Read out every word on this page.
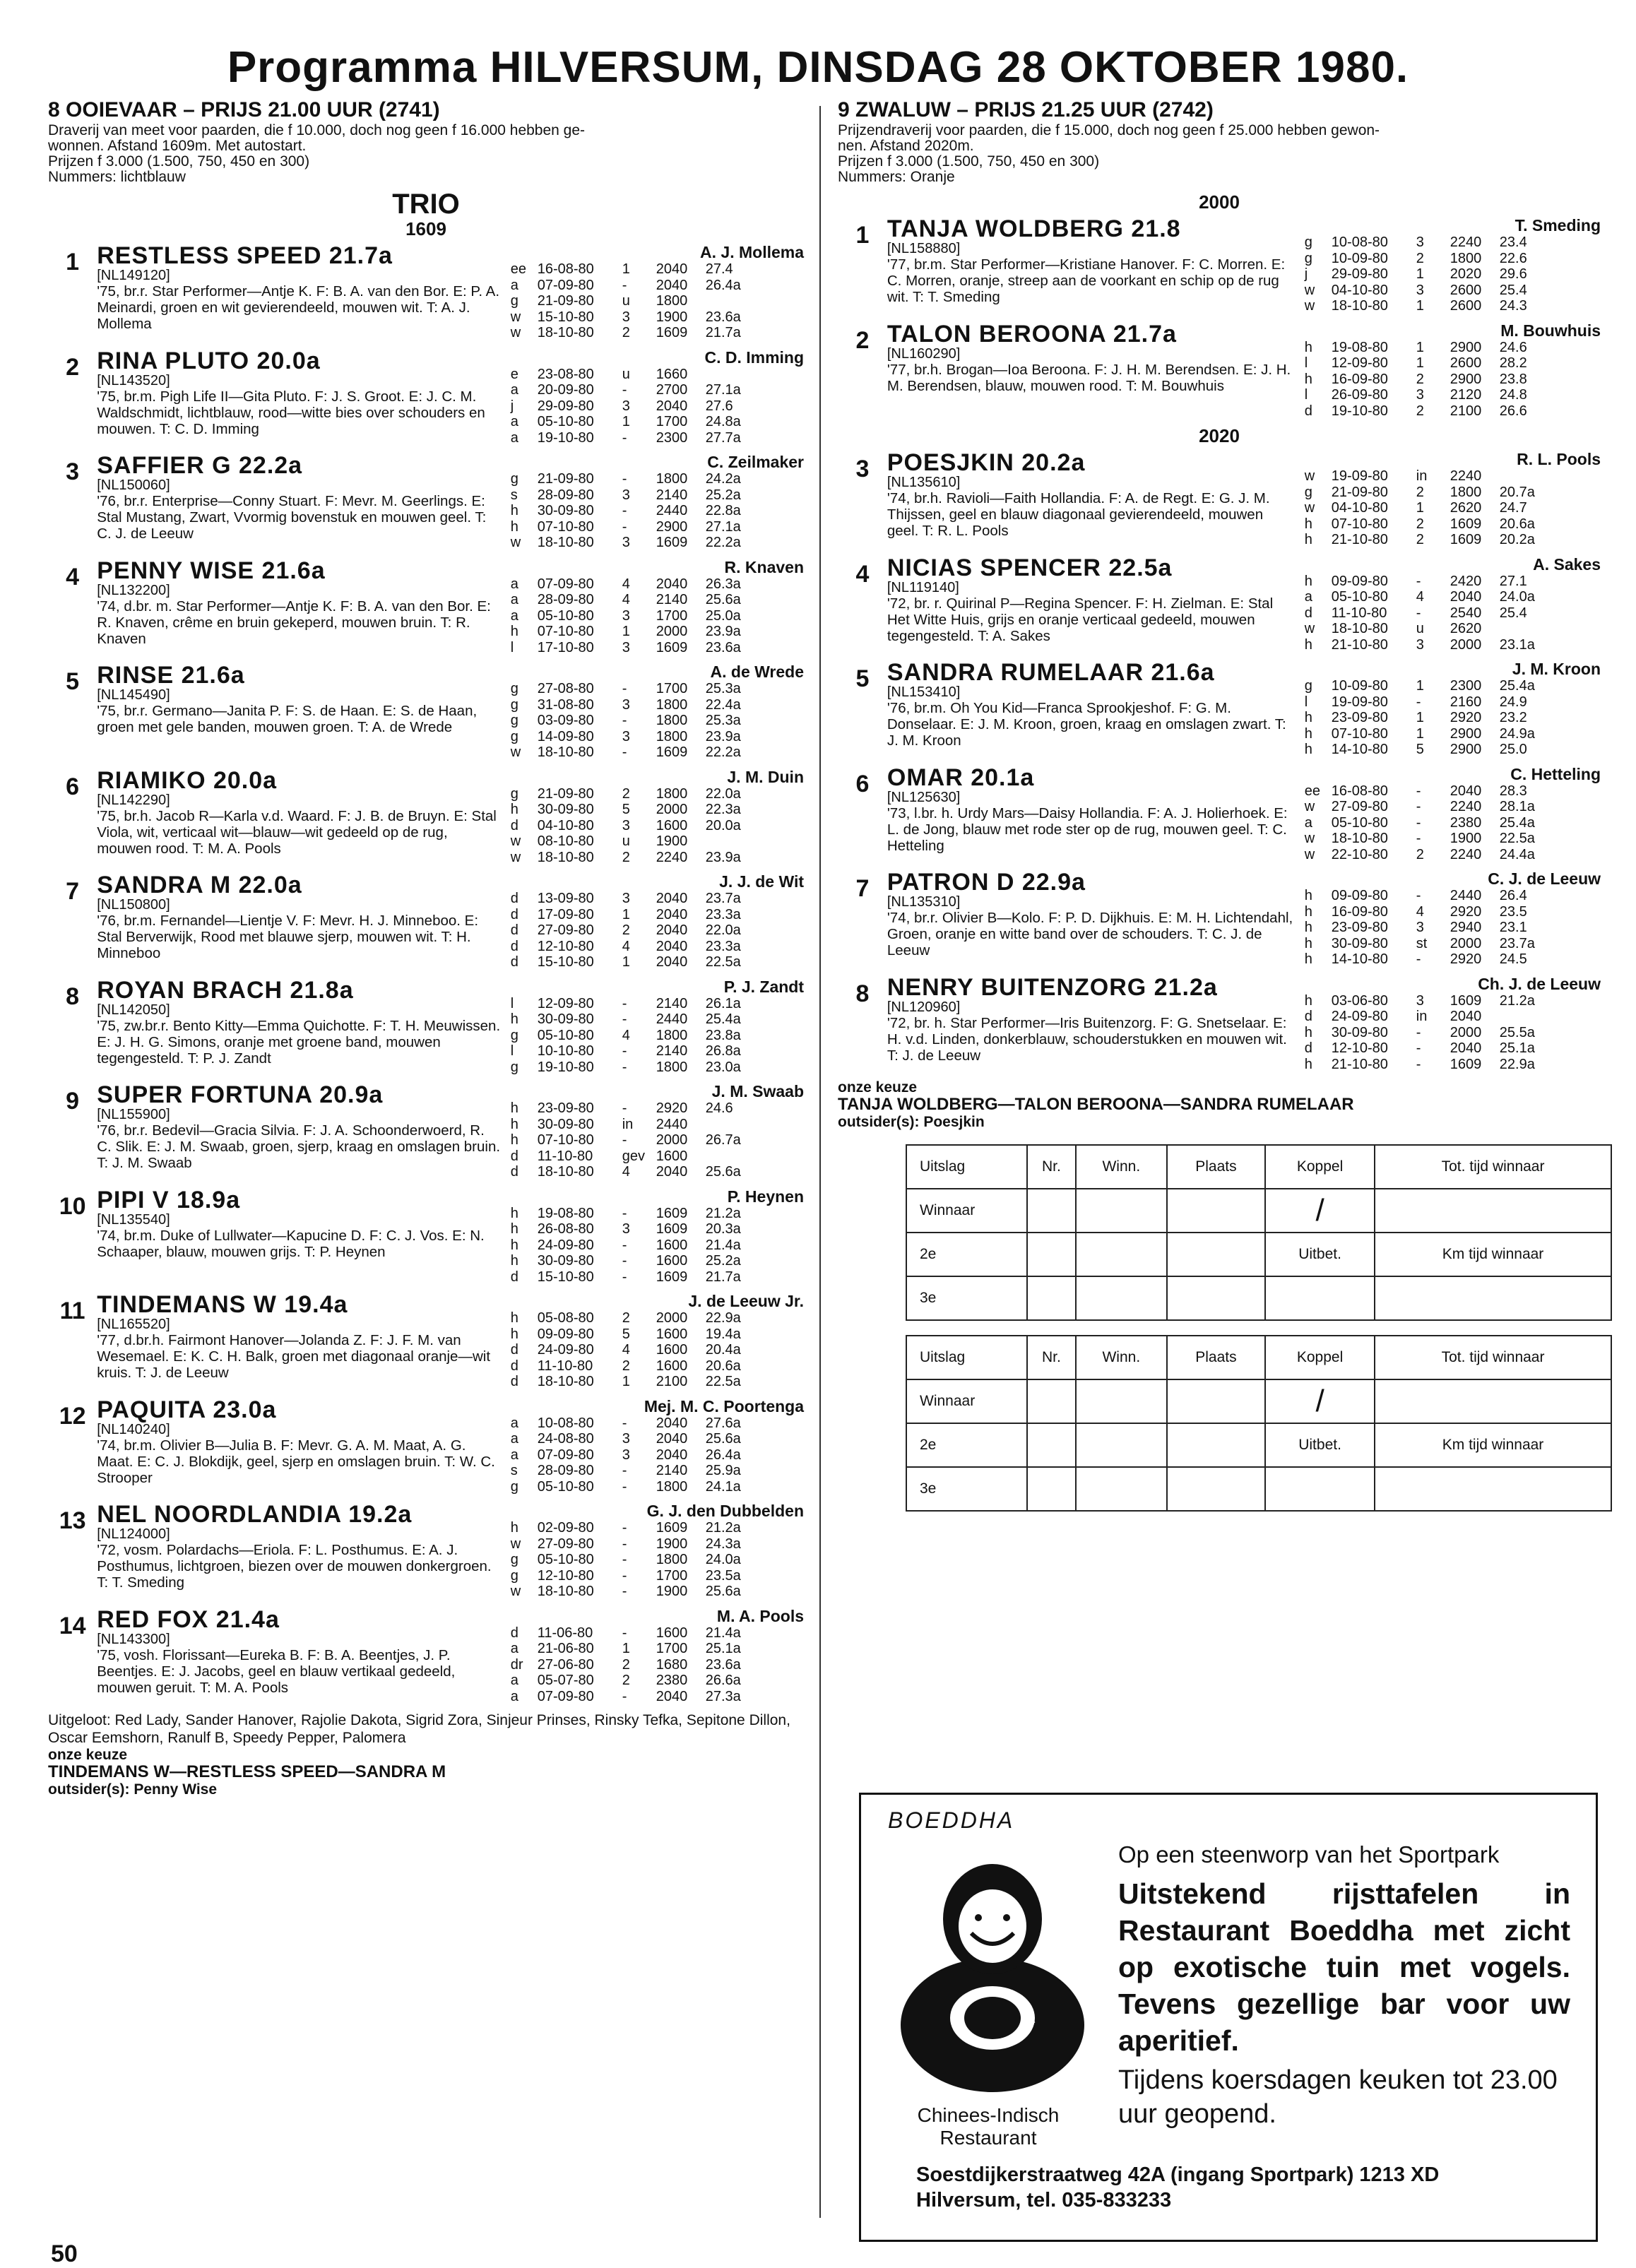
Programma HILVERSUM, DINSDAG 28 OKTOBER 1980.
8 OOIEVAAR – PRIJS 21.00 UUR (2741)
Draverij van meet voor paarden, die f 10.000, doch nog geen f 16.000 hebben ge-
wonnen. Afstand 1609m. Met autostart.
Prijzen f 3.000 (1.500, 750, 450 en 300)
Nummers: lichtblauw
TRIO
1609
1 RESTLESS SPEED 21.7a
[NL149120]
'75, br.r. Star Performer—Antje K. F: B. A. van den Bor. E: P. A. Meinardi, groen en wit gevierendeeld, mouwen wit. T: A. J. Mollema
A. J. Mollema
ee 16-08-80	1	2040	27.4
a	07-09-80	-	2040	26.4a
g	21-09-80	u	1800
w	15-10-80	3	1900	23.6a
w	18-10-80	2	1609	21.7a
2 RINA PLUTO 20.0a
[NL143520]
'75, br.m. Pigh Life II—Gita Pluto. F: J. S. Groot. E: J. C. M. Waldschmidt, lichtblauw, rood—witte bies over schouders en mouwen. T: C. D. Imming
C. D. Imming
e	23-08-80	u	1660
a	20-09-80	-	2700	27.1a
j	29-09-80	3	2040	27.6
a	05-10-80	1	1700	24.8a
a	19-10-80	-	2300	27.7a
3 SAFFIER G 22.2a
[NL150060]
'76, br.r. Enterprise—Conny Stuart. F: Mevr. M. Geerlings. E: Stal Mustang, Zwart, Vvormig bovenstuk en mouwen geel. T: C. J. de Leeuw
C. Zeilmaker
g	21-09-80	-	1800	24.2a
s	28-09-80	3	2140	25.2a
h	30-09-80	-	2440	22.8a
h	07-10-80	-	2900	27.1a
w	18-10-80	3	1609	22.2a
4 PENNY WISE 21.6a
[NL132200]
'74, d.br. m. Star Performer—Antje K. F: B. A. van den Bor. E: R. Knaven, crême en bruin gekeperd, mouwen bruin. T: R. Knaven
R. Knaven
a	07-09-80	4	2040	26.3a
a	28-09-80	4	2140	25.6a
a	05-10-80	3	1700	25.0a
h	07-10-80	1	2000	23.9a
l	17-10-80	3	1609	23.6a
5 RINSE 21.6a
[NL145490]
'75, br.r. Germano—Janita P. F: S. de Haan. E: S. de Haan, groen met gele banden, mouwen groen. T: A. de Wrede
A. de Wrede
g	27-08-80	-	1700	25.3a
g	31-08-80	3	1800	22.4a
g	03-09-80	-	1800	25.3a
g	14-09-80	3	1800	23.9a
w	18-10-80	-	1609	22.2a
6 RIAMIKO 20.0a
[NL142290]
'75, br.h. Jacob R—Karla v.d. Waard. F: J. B. de Bruyn. E: Stal Viola, wit, verticaal wit—blauw—wit gedeeld op de rug, mouwen rood. T: M. A. Pools
J. M. Duin
g	21-09-80	2	1800	22.0a
h	30-09-80	5	2000	22.3a
d	04-10-80	3	1600	20.0a
w	08-10-80	u	1900
w	18-10-80	2	2240	23.9a
7 SANDRA M 22.0a
[NL150800]
'76, br.m. Fernandel—Lientje V. F: Mevr. H. J. Minneboo. E: Stal Berverwijk, Rood met blauwe sjerp, mouwen wit. T: H. Minneboo
J. J. de Wit
d	13-09-80	3	2040	23.7a
d	17-09-80	1	2040	23.3a
d	27-09-80	2	2040	22.0a
d	12-10-80	4	2040	23.3a
d	15-10-80	1	2040	22.5a
8 ROYAN BRACH 21.8a
[NL142050]
'75, zw.br.r. Bento Kitty—Emma Quichotte. F: T. H. Meuwissen. E: J. H. G. Simons, oranje met groene band, mouwen tegengesteld. T: P. J. Zandt
P. J. Zandt
l	12-09-80	-	2140	26.1a
h	30-09-80	-	2440	25.4a
g	05-10-80	4	1800	23.8a
l	10-10-80	-	2140	26.8a
g	19-10-80	-	1800	23.0a
9 SUPER FORTUNA 20.9a
[NL155900]
'76, br.r. Bedevil—Gracia Silvia. F: J. A. Schoonderwoerd, R. C. Slik. E: J. M. Swaab, groen, sjerp, kraag en omslagen bruin. T: J. M. Swaab
J. M. Swaab
h	23-09-80	-	2920	24.6
h	30-09-80	in	2440
h	07-10-80	-	2000	26.7a
d	11-10-80	gev 1600
d	18-10-80	4	2040	25.6a
10 PIPI V 18.9a
[NL135540]
'74, br.m. Duke of Lullwater—Kapucine D. F: C. J. Vos. E: N. Schaaper, blauw, mouwen grijs. T: P. Heynen
P. Heynen
h	19-08-80	-	1609	21.2a
h	26-08-80	3	1609	20.3a
h	24-09-80	-	1600	21.4a
h	30-09-80	-	1600	25.2a
d	15-10-80	-	1609	21.7a
11 TINDEMANS W 19.4a
[NL165520]
'77, d.br.h. Fairmont Hanover—Jolanda Z. F: J. F. M. van Wesemael. E: K. C. H. Balk, groen met diagonaal oranje—wit kruis. T: J. de Leeuw
J. de Leeuw Jr.
h	05-08-80	2	2000	22.9a
h	09-09-80	5	1600	19.4a
d	24-09-80	4	1600	20.4a
d	11-10-80	2	1600	20.6a
d	18-10-80	1	2100	22.5a
12 PAQUITA 23.0a
[NL140240]
'74, br.m. Olivier B—Julia B. F: Mevr. G. A. M. Maat, A. G. Maat. E: C. J. Blokdijk, geel, sjerp en omslagen bruin. T: W. C. Strooper
Mej. M. C. Poortenga
a	10-08-80	-	2040	27.6a
a	24-08-80	3	2040	25.6a
a	07-09-80	3	2040	26.4a
s	28-09-80	-	2140	25.9a
g	05-10-80	-	1800	24.1a
13 NEL NOORDLANDIA 19.2a
[NL124000]
'72, vosm. Polardachs—Eriola. F: L. Posthumus. E: A. J. Posthumus, lichtgroen, biezen over de mouwen donkergroen. T: T. Smeding
G. J. den Dubbelden
h	02-09-80	-	1609	21.2a
w	27-09-80	-	1900	24.3a
g	05-10-80	-	1800	24.0a
g	12-10-80	-	1700	23.5a
w	18-10-80	-	1900	25.6a
14 RED FOX 21.4a
[NL143300]
'75, vosh. Florissant—Eureka B. F: B. A. Beentjes, J. P. Beentjes. E: J. Jacobs, geel en blauw vertikaal gedeeld, mouwen geruit. T: M. A. Pools
M. A. Pools
d	11-06-80	-	1600	21.4a
a	21-06-80	1	1700	25.1a
dr	27-06-80	2	1680	23.6a
a	05-07-80	2	2380	26.6a
a	07-09-80	-	2040	27.3a
Uitgeloot: Red Lady, Sander Hanover, Rajolie Dakota, Sigrid Zora, Sinjeur Prinses, Rinsky Tefka, Sepitone Dillon, Oscar Eemshorn, Ranulf B, Speedy Pepper, Palomera
onze keuze
TINDEMANS W—RESTLESS SPEED—SANDRA M
outsider(s): Penny Wise
9 ZWALUW – PRIJS 21.25 UUR (2742)
Prijzendraverij voor paarden, die f 15.000, doch nog geen f 25.000 hebben gewon-
nen. Afstand 2020m.
Prijzen f 3.000 (1.500, 750, 450 en 300)
Nummers: Oranje
2000
1 TANJA WOLDBERG 21.8
[NL158880]
'77, br.m. Star Performer—Kristiane Hanover. F: C. Morren. E: C. Morren, oranje, streep aan de voorkant en schip op de rug wit. T: T. Smeding
T. Smeding
g	10-08-80	3	2240	23.4
g	10-09-80	2	1800	22.6
j	29-09-80	1	2020	29.6
w	04-10-80	3	2600	25.4
w	18-10-80	1	2600	24.3
2 TALON BEROONA 21.7a
[NL160290]
'77, br.h. Brogan—Ioa Beroona. F: J. H. M. Berendsen. E: J. H. M. Berendsen, blauw, mouwen rood. T: M. Bouwhuis
M. Bouwhuis
h	19-08-80	1	2900	24.6
l	12-09-80	1	2600	28.2
h	16-09-80	2	2900	23.8
l	26-09-80	3	2120	24.8
d	19-10-80	2	2100	26.6
2020
3 POESJKIN 20.2a
[NL135610]
'74, br.h. Ravioli—Faith Hollandia. F: A. de Regt. E: G. J. M. Thijssen, geel en blauw diagonaal gevierendeeld, mouwen geel. T: R. L. Pools
R. L. Pools
w	19-09-80	in	2240
g	21-09-80	2	1800	20.7a
w	04-10-80	1	2620	24.7
h	07-10-80	2	1609	20.6a
h	21-10-80	2	1609	20.2a
4 NICIAS SPENCER 22.5a
[NL119140]
'72, br. r. Quirinal P—Regina Spencer. F: H. Zielman. E: Stal Het Witte Huis, grijs en oranje verticaal gedeeld, mouwen tegengesteld. T: A. Sakes
A. Sakes
h	09-09-80	-	2420	27.1
a	05-10-80	4	2040	24.0a
d	11-10-80	-	2540	25.4
w	18-10-80	u	2620
h	21-10-80	3	2000	23.1a
5 SANDRA RUMELAAR 21.6a
[NL153410]
'76, br.m. Oh You Kid—Franca Sprookjeshof. F: G. M. Donselaar. E: J. M. Kroon, groen, kraag en omslagen zwart. T: J. M. Kroon
J. M. Kroon
g	10-09-80	1	2300	25.4a
l	19-09-80	-	2160	24.9
h	23-09-80	1	2920	23.2
h	07-10-80	1	2900	24.9a
h	14-10-80	5	2900	25.0
6 OMAR 20.1a
[NL125630]
'73, l.br. h. Urdy Mars—Daisy Hollandia. F: A. J. Holierhoek. E: L. de Jong, blauw met rode ster op de rug, mouwen geel. T: C. Hetteling
C. Hetteling
ee 16-08-80	-	2040	28.3
w	27-09-80	-	2240	28.1a
a	05-10-80	-	2380	25.4a
w	18-10-80	-	1900	22.5a
w	22-10-80	2	2240	24.4a
7 PATRON D 22.9a
[NL135310]
'74, br.r. Olivier B—Kolo. F: P. D. Dijkhuis. E: M. H. Lichtendahl, Groen, oranje en witte band over de schouders. T: C. J. de Leeuw
C. J. de Leeuw
h	09-09-80	-	2440	26.4
h	16-09-80	4	2920	23.5
h	23-09-80	3	2940	23.1
h	30-09-80	st	2000	23.7a
h	14-10-80	-	2920	24.5
8 NENRY BUITENZORG 21.2a
[NL120960]
'72, br. h. Star Performer—Iris Buitenzorg. F: G. Snetselaar. E: H. v.d. Linden, donkerblauw, schouderstukken en mouwen wit. T: J. de Leeuw
Ch. J. de Leeuw
h	03-06-80	3	1609	21.2a
d	24-09-80	in	2040
h	30-09-80	-	2000	25.5a
d	12-10-80	-	2040	25.1a
h	21-10-80	-	1609	22.9a
onze keuze
TANJA WOLDBERG—TALON BEROONA—SANDRA RUMELAAR
outsider(s): Poesjkin
Uitslag	Nr.	Winn.	Plaats	Koppel	Tot. tijd winnaar
Winnaar				/	
2e				Uitbet.	Km tijd winnaar
3e					
Uitslag	Nr.	Winn.	Plaats	Koppel	Tot. tijd winnaar
Winnaar				/	
2e				Uitbet.	Km tijd winnaar
3e					
BOEDDHA
Op een steenworp van het Sportpark
Uitstekend rijsttafelen in Restaurant Boeddha met zicht op exotische tuin met vogels. Tevens gezellige bar voor uw aperitief.
Tijdens koersdagen keuken tot 23.00 uur geopend.
Chinees-Indisch Restaurant
Soestdijkerstraatweg 42A (ingang Sportpark) 1213 XD
Hilversum, tel. 035-833233
50
